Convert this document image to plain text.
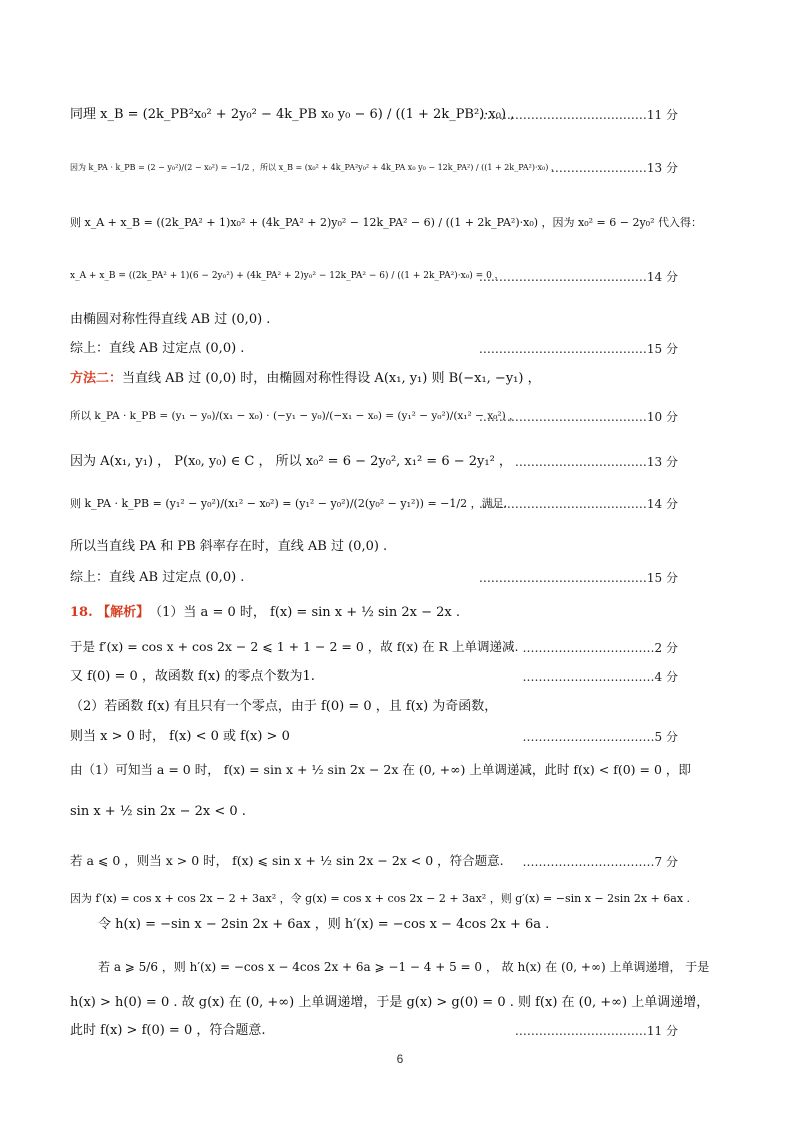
同理 x_B = (2k_PB²x₀² + 2y₀² − 4k_PB x₀ y₀ − 6) / ((1 + 2k_PB²)·x₀) ,
……………………………………11 分
因为 k_PA · k_PB = (2 − y₀²)/(2 − x₀²) = −1/2 ，所以 x_B = (x₀² + 4k_PA²y₀² + 4k_PA x₀ y₀ − 12k_PA²) / ((1 + 2k_PA²)·x₀) ，
……………………13 分
则 x_A + x_B = ((2k_PA² + 1)x₀² + (4k_PA² + 2)y₀² − 12k_PA² − 6) / ((1 + 2k_PA²)·x₀) ，因为 x₀² = 6 − 2y₀² 代入得：
x_A + x_B = ((2k_PA² + 1)(6 − 2y₀²) + (4k_PA² + 2)y₀² − 12k_PA² − 6) / ((1 + 2k_PA²)·x₀) = 0 ，
……………………………………14 分
由椭圆对称性得直线 AB 过 (0,0) .
综上：直线 AB 过定点 (0,0) .	……………………………………15 分
方法二：当直线 AB 过 (0,0) 时，由椭圆对称性得设 A(x₁, y₁) 则 B(−x₁, −y₁) ，
所以 k_PA · k_PB = (y₁ − y₀)/(x₁ − x₀) · (−y₁ − y₀)/(−x₁ − x₀) = (y₁² − y₀²)/(x₁² − x₀²) ，
……………………………………10 分
因为 A(x₁, y₁) ， P(x₀, y₀) ∈ C ， 所以 x₀² = 6 − 2y₀², x₁² = 6 − 2y₁² ， ……………………………13 分
则 k_PA · k_PB = (y₁² − y₀²)/(x₁² − x₀²) = (y₁² − y₀²)/(2(y₀² − y₁²)) = −1/2 ，满足.
……………………………………14 分
所以当直线 PA 和 PB 斜率存在时，直线 AB 过 (0,0) .
综上：直线 AB 过定点 (0,0) .	……………………………………15 分
18. 【解析】（1）当 a = 0 时， f(x) = sin x + ½ sin 2x − 2x .
于是 f′(x) = cos x + cos 2x − 2 ⩽ 1 + 1 − 2 = 0 ，故 f(x) 在 R 上单调递减. ……………………………2 分
又 f(0) = 0 ，故函数 f(x) 的零点个数为1.	……………………………4 分
（2）若函数 f(x) 有且只有一个零点，由于 f(0) = 0 ，且 f(x) 为奇函数，
则当 x > 0 时， f(x) < 0 或 f(x) > 0	……………………………5 分
由（1）可知当 a = 0 时， f(x) = sin x + ½ sin 2x − 2x 在 (0, +∞) 上单调递减，此时 f(x) < f(0) = 0 ，即
sin x + ½ sin 2x − 2x < 0 .
若 a ⩽ 0 ，则当 x > 0 时， f(x) ⩽ sin x + ½ sin 2x − 2x < 0 ，符合题意. ……………………………7 分
因为 f′(x) = cos x + cos 2x − 2 + 3ax² ，令 g(x) = cos x + cos 2x − 2 + 3ax² ，则 g′(x) = −sin x − 2sin 2x + 6ax .
令 h(x) = −sin x − 2sin 2x + 6ax ，则 h′(x) = −cos x − 4cos 2x + 6a .
若 a ⩾ 5/6 ，则 h′(x) = −cos x − 4cos 2x + 6a ⩾ −1 − 4 + 5 = 0 ， 故 h(x) 在 (0, +∞) 上单调递增， 于是
h(x) > h(0) = 0 . 故 g(x) 在 (0, +∞) 上单调递增，于是 g(x) > g(0) = 0 . 则 f(x) 在 (0, +∞) 上单调递增，
此时 f(x) > f(0) = 0 ，符合题意.	……………………………11 分
6
